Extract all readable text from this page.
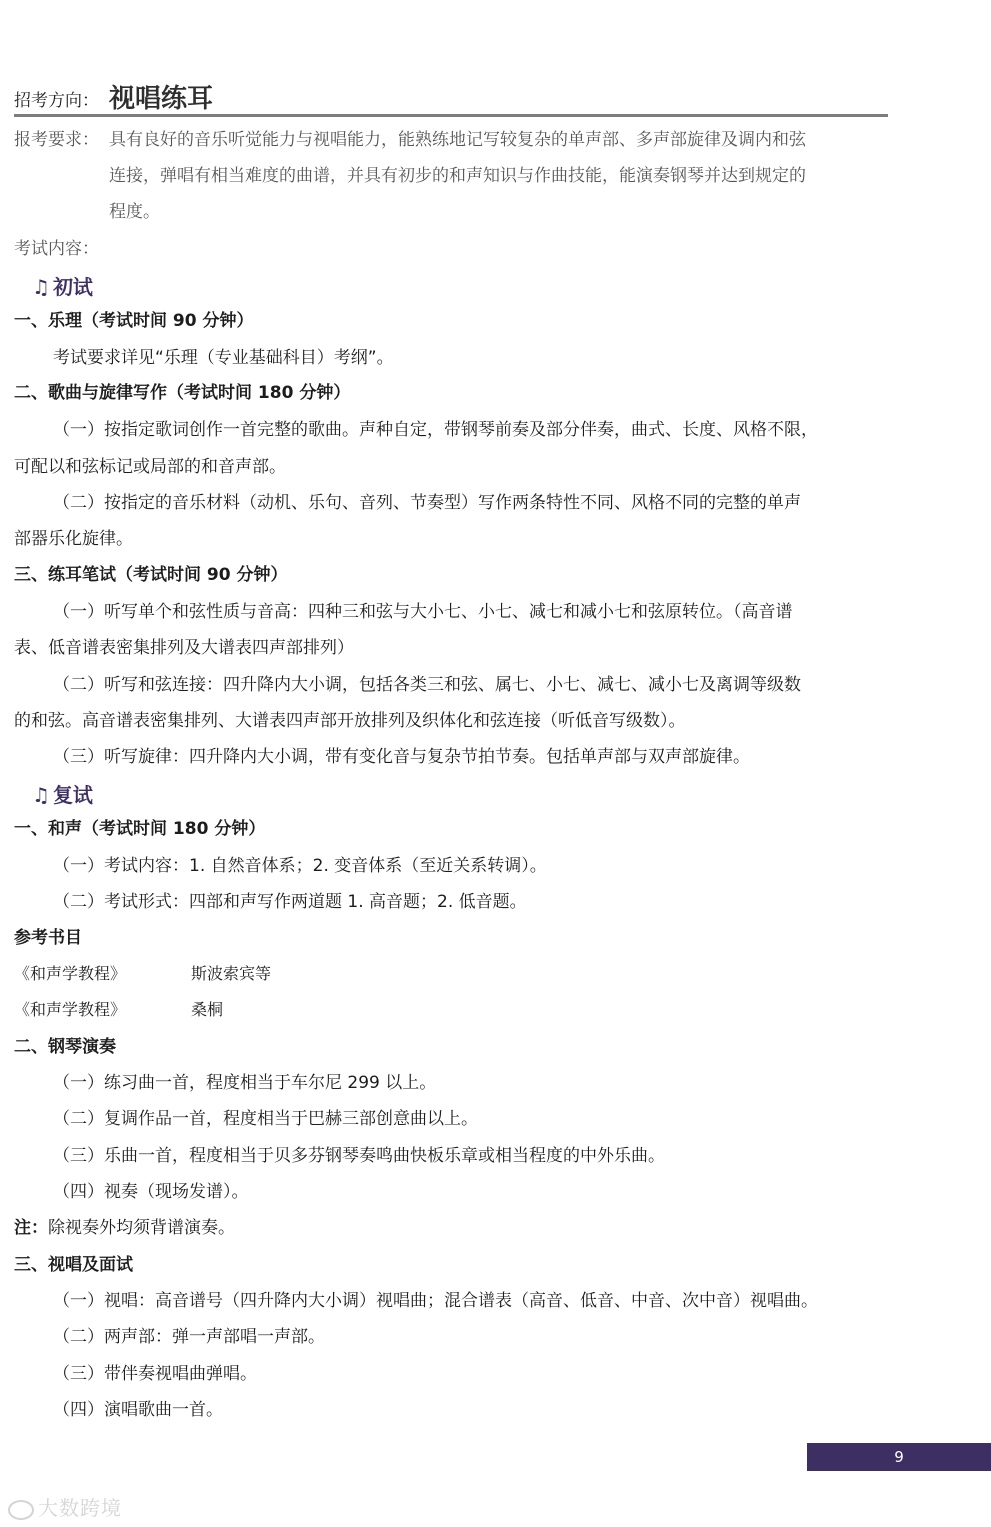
招考方向： 视唱练耳
报考要求： 具有良好的音乐听觉能力与视唱能力，能熟练地记写较复杂的单声部、多声部旋律及调内和弦
连接，弹唱有相当难度的曲谱，并具有初步的和声知识与作曲技能，能演奏钢琴并达到规定的
程度。
考试内容：
♫ 初试
一、乐理（考试时间 90 分钟）
考试要求详见“乐理（专业基础科目）考纲”。
二、歌曲与旋律写作（考试时间 180 分钟）
（一）按指定歌词创作一首完整的歌曲。声种自定，带钢琴前奏及部分伴奏，曲式、长度、风格不限，
可配以和弦标记或局部的和音声部。
（二）按指定的音乐材料（动机、乐句、音列、节奏型）写作两条特性不同、风格不同的完整的单声
部器乐化旋律。
三、练耳笔试（考试时间 90 分钟）
（一）听写单个和弦性质与音高：四种三和弦与大小七、小七、减七和减小七和弦原转位。（高音谱
表、低音谱表密集排列及大谱表四声部排列）
（二）听写和弦连接：四升降内大小调，包括各类三和弦、属七、小七、减七、减小七及离调等级数
的和弦。高音谱表密集排列、大谱表四声部开放排列及织体化和弦连接（听低音写级数）。
（三）听写旋律：四升降内大小调，带有变化音与复杂节拍节奏。包括单声部与双声部旋律。
♫ 复试
一、和声（考试时间 180 分钟）
（一）考试内容：1. 自然音体系；2. 变音体系（至近关系转调）。
（二）考试形式：四部和声写作两道题 1. 高音题；2. 低音题。
参考书目
《和声学教程》	斯波索宾等
《和声学教程》	桑桐
二、钢琴演奏
（一）练习曲一首，程度相当于车尔尼 299 以上。
（二）复调作品一首，程度相当于巴赫三部创意曲以上。
（三）乐曲一首，程度相当于贝多芬钢琴奏鸣曲快板乐章或相当程度的中外乐曲。
（四）视奏（现场发谱）。
注：除视奏外均须背谱演奏。
三、视唱及面试
（一）视唱：高音谱号（四升降内大小调）视唱曲；混合谱表（高音、低音、中音、次中音）视唱曲。
（二）两声部：弹一声部唱一声部。
（三）带伴奏视唱曲弹唱。
（四）演唱歌曲一首。
9
大数跨境
